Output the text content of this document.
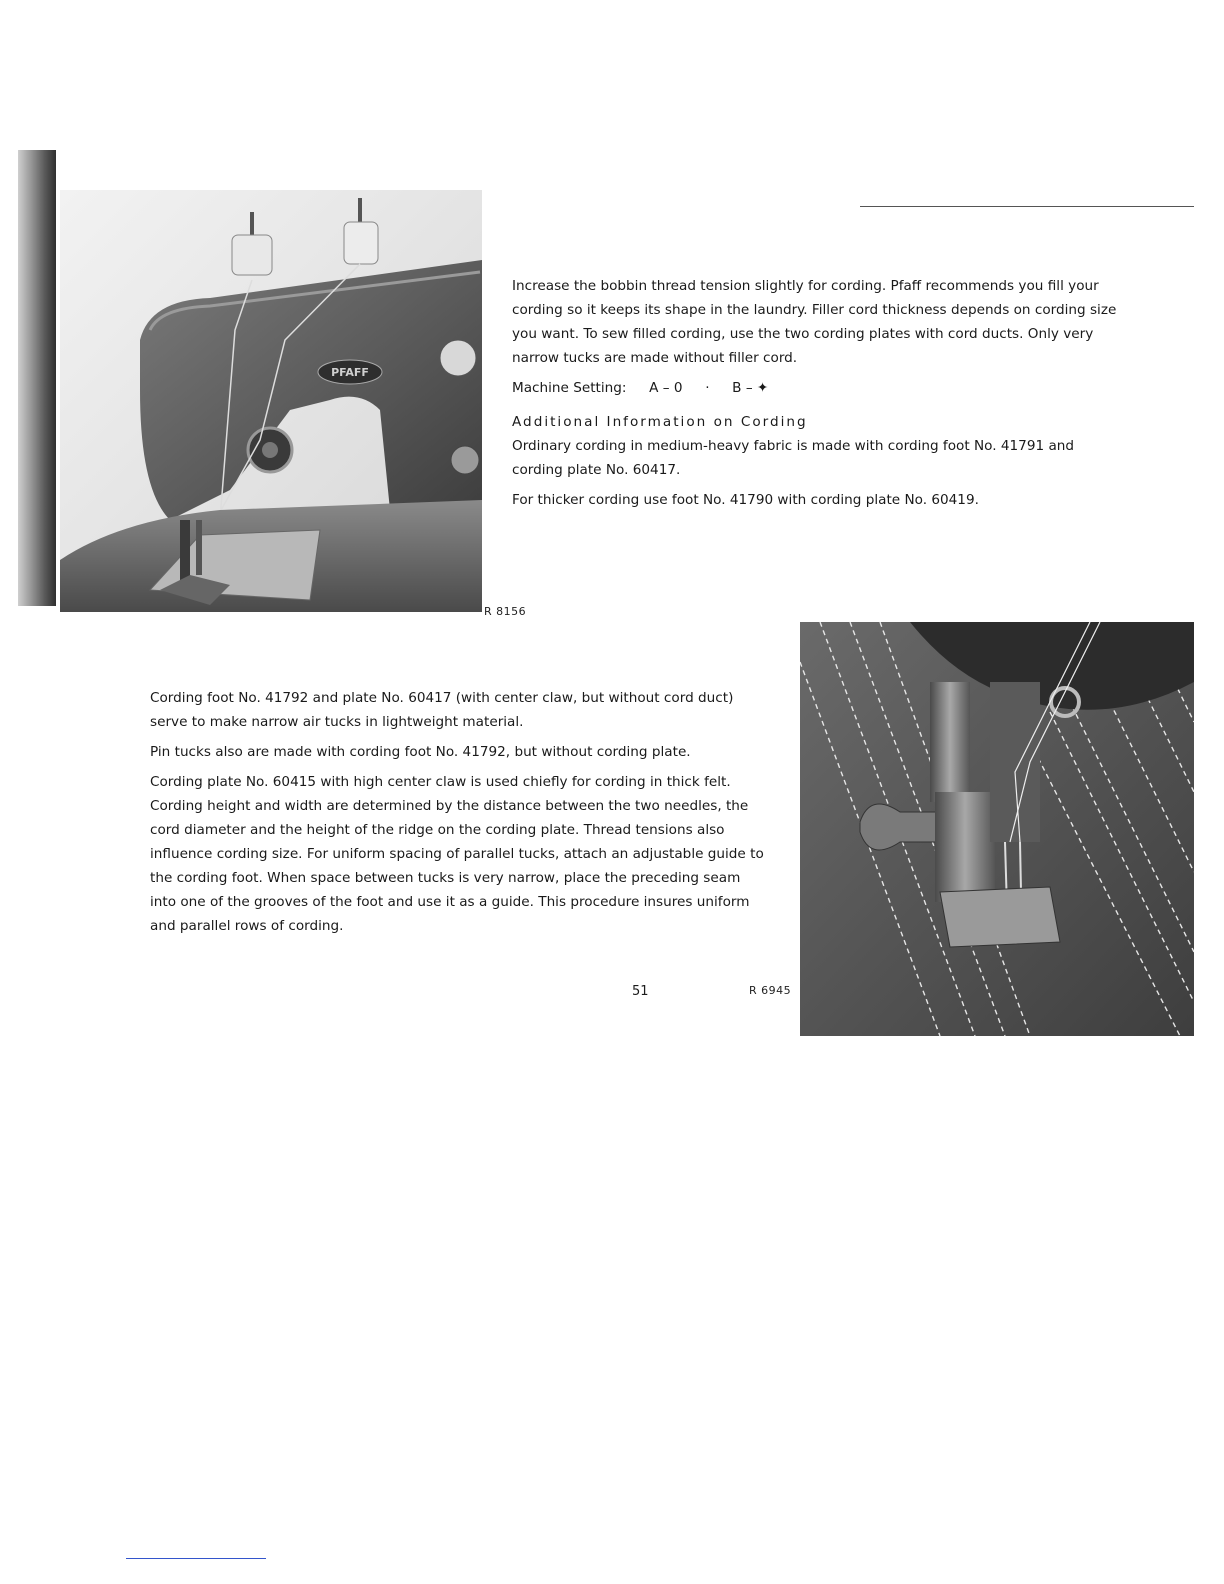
PFAFF
R 8156

Increase the bobbin thread tension slightly for cording. Pfaff recommends you fill your cording so it keeps its shape in the laundry. Filler cord thickness depends on cording size you want. To sew filled cording, use the two cording plates with cord ducts. Only very narrow tucks are made without filler cord.

Machine Setting: A – 0 · B – ✦

Additional Information on Cording

Ordinary cording in medium-heavy fabric is made with cording foot No. 41791 and cording plate No. 60417.

For thicker cording use foot No. 41790 with cording plate No. 60419.

Cording foot No. 41792 and plate No. 60417 (with center claw, but without cord duct) serve to make narrow air tucks in lightweight material.

Pin tucks also are made with cording foot No. 41792, but without cording plate.

Cording plate No. 60415 with high center claw is used chiefly for cording in thick felt. Cording height and width are determined by the distance between the two needles, the cord diameter and the height of the ridge on the cording plate. Thread tensions also influence cording size. For uniform spacing of parallel tucks, attach an adjustable guide to the cording foot. When space between tucks is very narrow, place the preceding seam into one of the grooves of the foot and use it as a guide. This procedure insures uniform and parallel rows of cording.

R 6945
51
